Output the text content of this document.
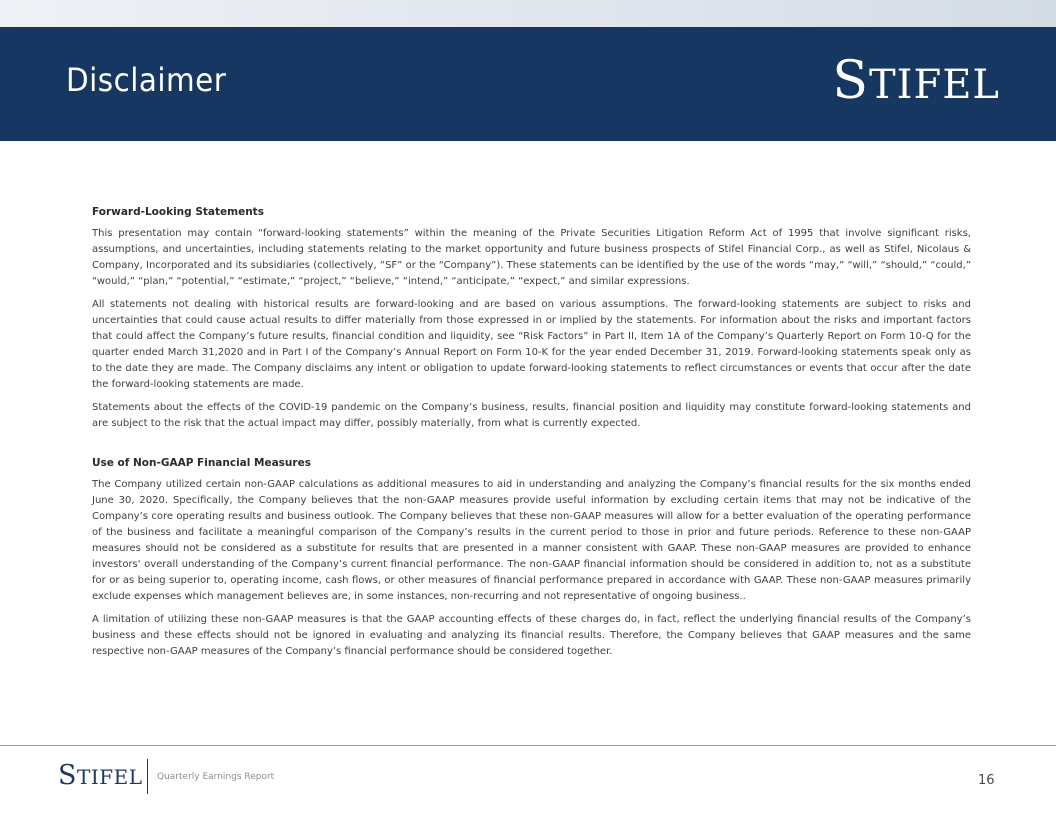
Disclaimer	STIFEL
Forward-Looking Statements

This presentation may contain “forward-looking statements” within the meaning of the Private Securities Litigation Reform Act of 1995 that involve significant risks, assumptions, and uncertainties, including statements relating to the market opportunity and future business prospects of Stifel Financial Corp., as well as Stifel, Nicolaus & Company, Incorporated and its subsidiaries (collectively, “SF” or the “Company”). These statements can be identified by the use of the words “may,” “will,” “should,” “could,” “would,” “plan,” “potential,” “estimate,” “project,” “believe,” “intend,” “anticipate,” “expect,” and similar expressions.

All statements not dealing with historical results are forward-looking and are based on various assumptions. The forward-looking statements are subject to risks and uncertainties that could cause actual results to differ materially from those expressed in or implied by the statements. For information about the risks and important factors that could affect the Company’s future results, financial condition and liquidity, see “Risk Factors” in Part II, Item 1A of the Company’s Quarterly Report on Form 10-Q for the quarter ended March 31,2020 and in Part I of the Company’s Annual Report on Form 10-K for the year ended December 31, 2019. Forward-looking statements speak only as to the date they are made. The Company disclaims any intent or obligation to update forward-looking statements to reflect circumstances or events that occur after the date the forward-looking statements are made.

Statements about the effects of the COVID-19 pandemic on the Company’s business, results, financial position and liquidity may constitute forward-looking statements and are subject to the risk that the actual impact may differ, possibly materially, from what is currently expected.

Use of Non-GAAP Financial Measures

The Company utilized certain non-GAAP calculations as additional measures to aid in understanding and analyzing the Company’s financial results for the six months ended June 30, 2020. Specifically, the Company believes that the non-GAAP measures provide useful information by excluding certain items that may not be indicative of the Company’s core operating results and business outlook. The Company believes that these non-GAAP measures will allow for a better evaluation of the operating performance of the business and facilitate a meaningful comparison of the Company’s results in the current period to those in prior and future periods. Reference to these non-GAAP measures should not be considered as a substitute for results that are presented in a manner consistent with GAAP. These non-GAAP measures are provided to enhance investors' overall understanding of the Company’s current financial performance. The non-GAAP financial information should be considered in addition to, not as a substitute for or as being superior to, operating income, cash flows, or other measures of financial performance prepared in accordance with GAAP. These non-GAAP measures primarily exclude expenses which management believes are, in some instances, non-recurring and not representative of ongoing business..

A limitation of utilizing these non-GAAP measures is that the GAAP accounting effects of these charges do, in fact, reflect the underlying financial results of the Company’s business and these effects should not be ignored in evaluating and analyzing its financial results. Therefore, the Company believes that GAAP measures and the same respective non-GAAP measures of the Company’s financial performance should be considered together.

STIFEL Quarterly Earnings Report	16
